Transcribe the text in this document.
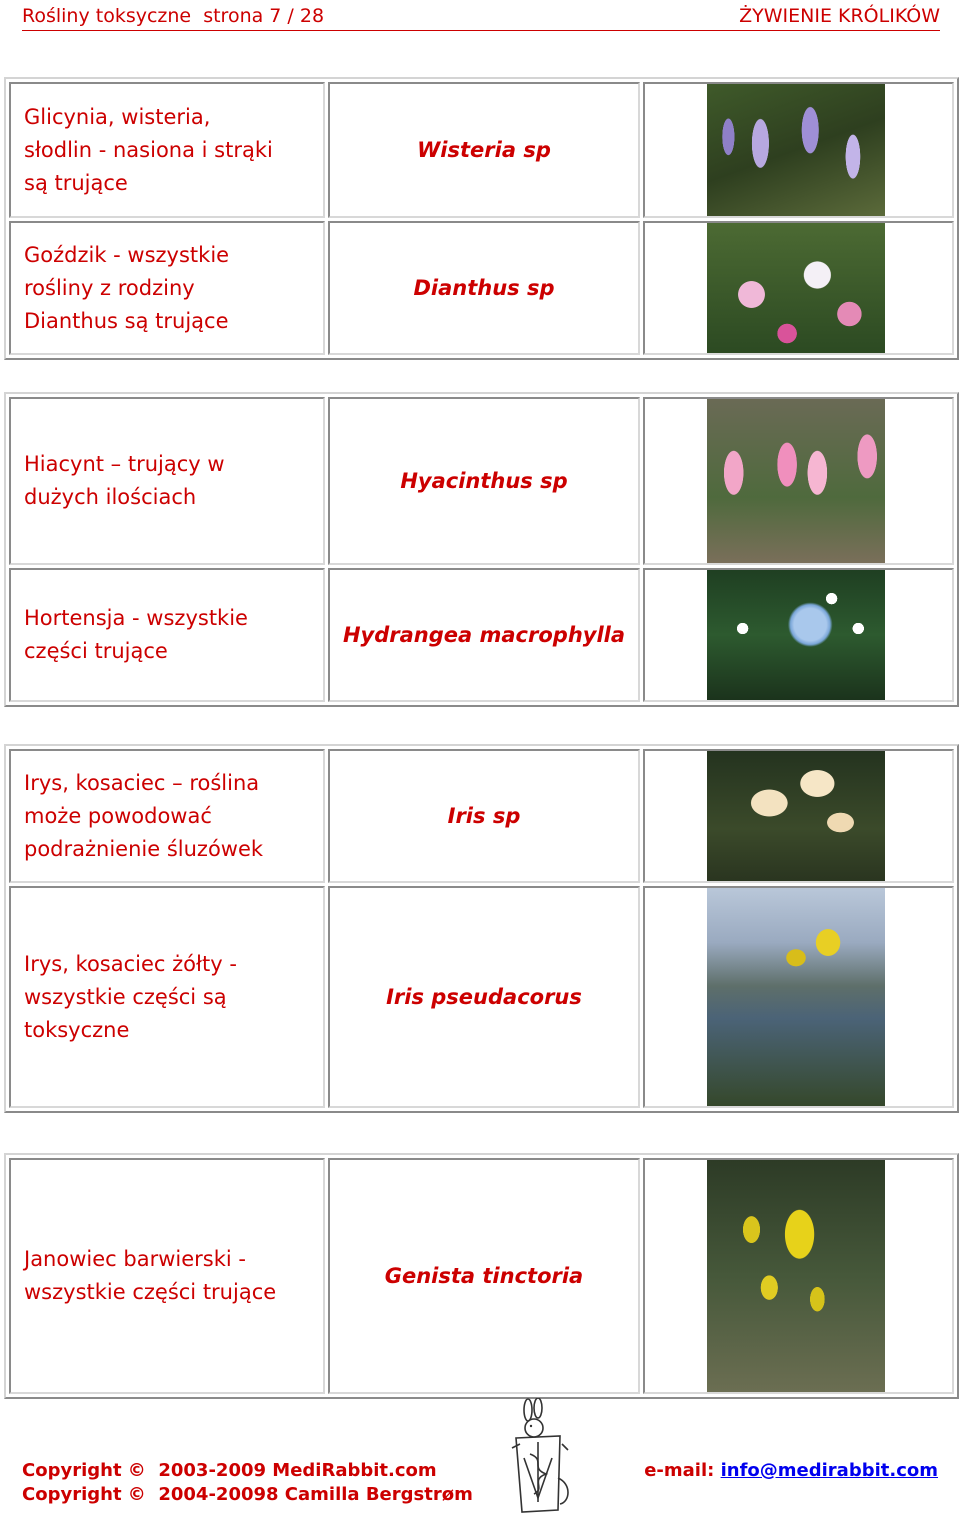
Rośliny toksyczne  strona 7 / 28	ŻYWIENIE KRÓLIKÓW
Glicynia, wisteria,
słodlin - nasiona i strąki
są trujące	Wisteria sp	

Goździk - wszystkie
rośliny z rodziny
Dianthus są trujące	Dianthus sp	
Hiacynt – trujący w
dużych ilościach	Hyacinthus sp	

Hortensja - wszystkie
części trujące	Hydrangea macrophylla	
Irys, kosaciec – roślina
może powodować
podrażnienie śluzówek	Iris sp	

Irys, kosaciec żółty -
wszystkie części są
toksyczne	Iris pseudacorus	
Janowiec barwierski -
wszystkie części trujące	Genista tinctoria	
Copyright ©  2003-2009 MediRabbit.com
Copyright ©  2004-20098 Camilla Bergstrøm
e-mail: info@medirabbit.com
